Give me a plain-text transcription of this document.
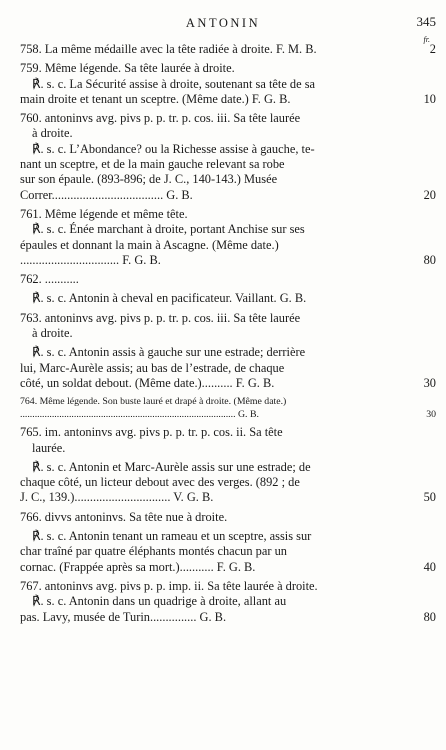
ANTONIN	345
fr.
758. La même médaille avec la tête radiée à droite. F. M. B.	2
759. Même légende. Sa tête laurée à droite.
℟. s. c. La Sécurité assise à droite, soutenant sa tête de sa
main droite et tenant un sceptre. (Même date.) F. G. B.	10
760. antoninvs avg. pivs p. p. tr. p. cos. iii. Sa tête laurée
à droite.
℟. s. c. L’Abondance? ou la Richesse assise à gauche, te-
nant un sceptre, et de la main gauche relevant sa robe
sur son épaule. (893-896; de J. C., 140-143.) Musée
Correr.................................... G. B.	20
761. Même légende et même tête.
℟. s. c. Énée marchant à droite, portant Anchise sur ses
épaules et donnant la main à Ascagne. (Même date.)
................................ F. G. B.	80
762. ...........
℟. s. c. Antonin à cheval en pacificateur. Vaillant. G. B.
763. antoninvs avg. pivs p. p. tr. p. cos. iii. Sa tête laurée
à droite.
℟. s. c. Antonin assis à gauche sur une estrade; derrière
lui, Marc-Aurèle assis; au bas de l’estrade, de chaque
côté, un soldat debout. (Même date.).......... F. G. B.	30
764. Même légende. Son buste lauré et drapé à droite. (Même date.)
........................................................................................ G. B.	30
765. im. antoninvs avg. pivs p. p. tr. p. cos. ii. Sa tête
laurée.
℟. s. c. Antonin et Marc-Aurèle assis sur une estrade; de
chaque côté, un licteur debout avec des verges. (892 ; de
J. C., 139.)............................... V. G. B.	50
766. divvs antoninvs. Sa tête nue à droite.
℟. s. c. Antonin tenant un rameau et un sceptre, assis sur
char traîné par quatre éléphants montés chacun par un
cornac. (Frappée après sa mort.)........... F. G. B.	40
767. antoninvs avg. pivs p. p. imp. ii. Sa tête laurée à droite.
℟. s. c. Antonin dans un quadrige à droite, allant au
pas. Lavy, musée de Turin............... G. B.	80
